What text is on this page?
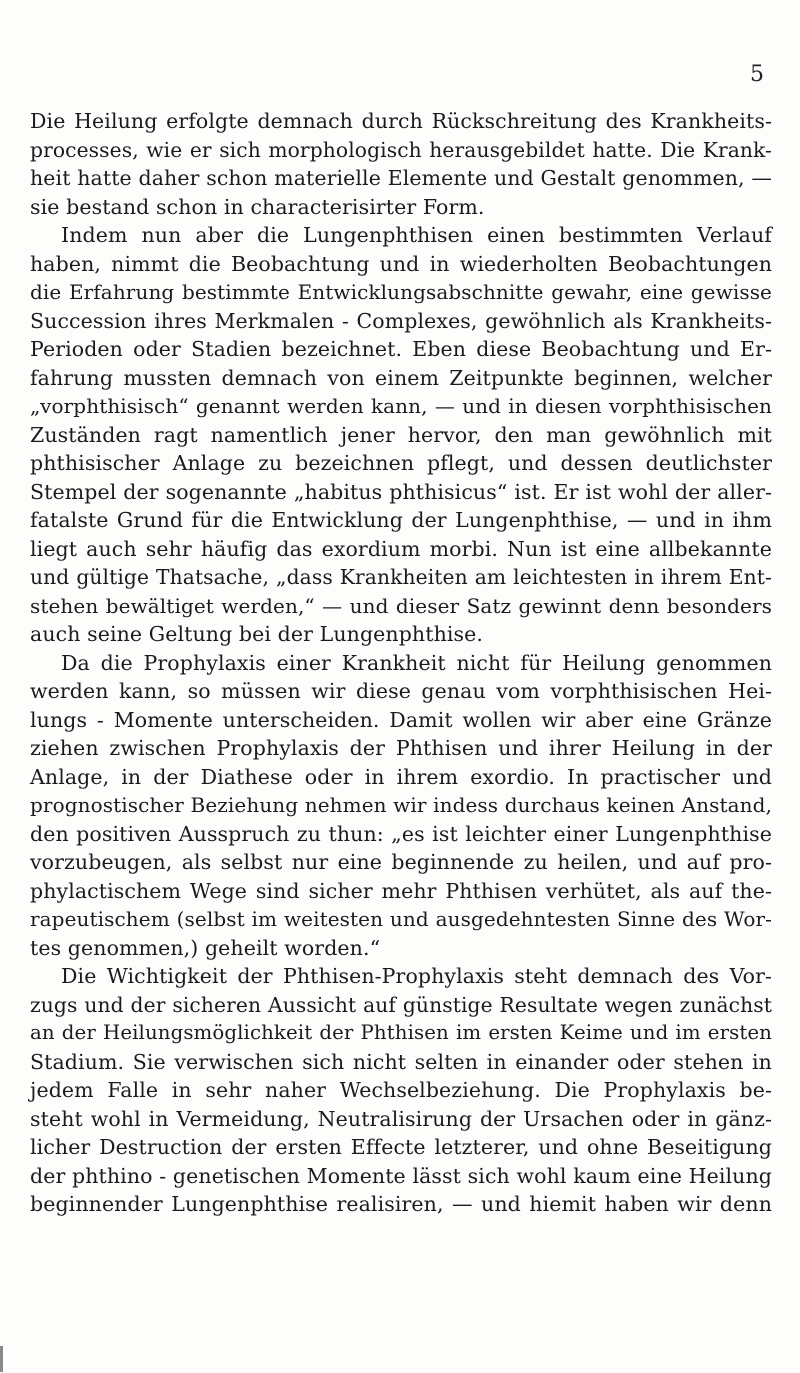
5
Die Heilung erfolgte demnach durch Rückschreitung des Krankheits-
processes, wie er sich morphologisch herausgebildet hatte. Die Krank-
heit hatte daher schon materielle Elemente und Gestalt genommen, —
sie bestand schon in characterisirter Form.
Indem nun aber die Lungenphthisen einen bestimmten Verlauf
haben, nimmt die Beobachtung und in wiederholten Beobachtungen
die Erfahrung bestimmte Entwicklungsabschnitte gewahr, eine gewisse
Succession ihres Merkmalen - Complexes, gewöhnlich als Krankheits-
Perioden oder Stadien bezeichnet. Eben diese Beobachtung und Er-
fahrung mussten demnach von einem Zeitpunkte beginnen, welcher
„vorphthisisch“ genannt werden kann, — und in diesen vorphthisischen
Zuständen ragt namentlich jener hervor, den man gewöhnlich mit
phthisischer Anlage zu bezeichnen pflegt, und dessen deutlichster
Stempel der sogenannte „habitus phthisicus“ ist. Er ist wohl der aller-
fatalste Grund für die Entwicklung der Lungenphthise, — und in ihm
liegt auch sehr häufig das exordium morbi. Nun ist eine allbekannte
und gültige Thatsache, „dass Krankheiten am leichtesten in ihrem Ent-
stehen bewältiget werden,“ — und dieser Satz gewinnt denn besonders
auch seine Geltung bei der Lungenphthise.
Da die Prophylaxis einer Krankheit nicht für Heilung genommen
werden kann, so müssen wir diese genau vom vorphthisischen Hei-
lungs - Momente unterscheiden. Damit wollen wir aber eine Gränze
ziehen zwischen Prophylaxis der Phthisen und ihrer Heilung in der
Anlage, in der Diathese oder in ihrem exordio. In practischer und
prognostischer Beziehung nehmen wir indess durchaus keinen Anstand,
den positiven Ausspruch zu thun: „es ist leichter einer Lungenphthise
vorzubeugen, als selbst nur eine beginnende zu heilen, und auf pro-
phylactischem Wege sind sicher mehr Phthisen verhütet, als auf the-
rapeutischem (selbst im weitesten und ausgedehntesten Sinne des Wor-
tes genommen,) geheilt worden.“
Die Wichtigkeit der Phthisen-Prophylaxis steht demnach des Vor-
zugs und der sicheren Aussicht auf günstige Resultate wegen zunächst
an der Heilungsmöglichkeit der Phthisen im ersten Keime und im ersten
Stadium. Sie verwischen sich nicht selten in einander oder stehen in
jedem Falle in sehr naher Wechselbeziehung. Die Prophylaxis be-
steht wohl in Vermeidung, Neutralisirung der Ursachen oder in gänz-
licher Destruction der ersten Effecte letzterer, und ohne Beseitigung
der phthino - genetischen Momente lässt sich wohl kaum eine Heilung
beginnender Lungenphthise realisiren, — und hiemit haben wir denn
